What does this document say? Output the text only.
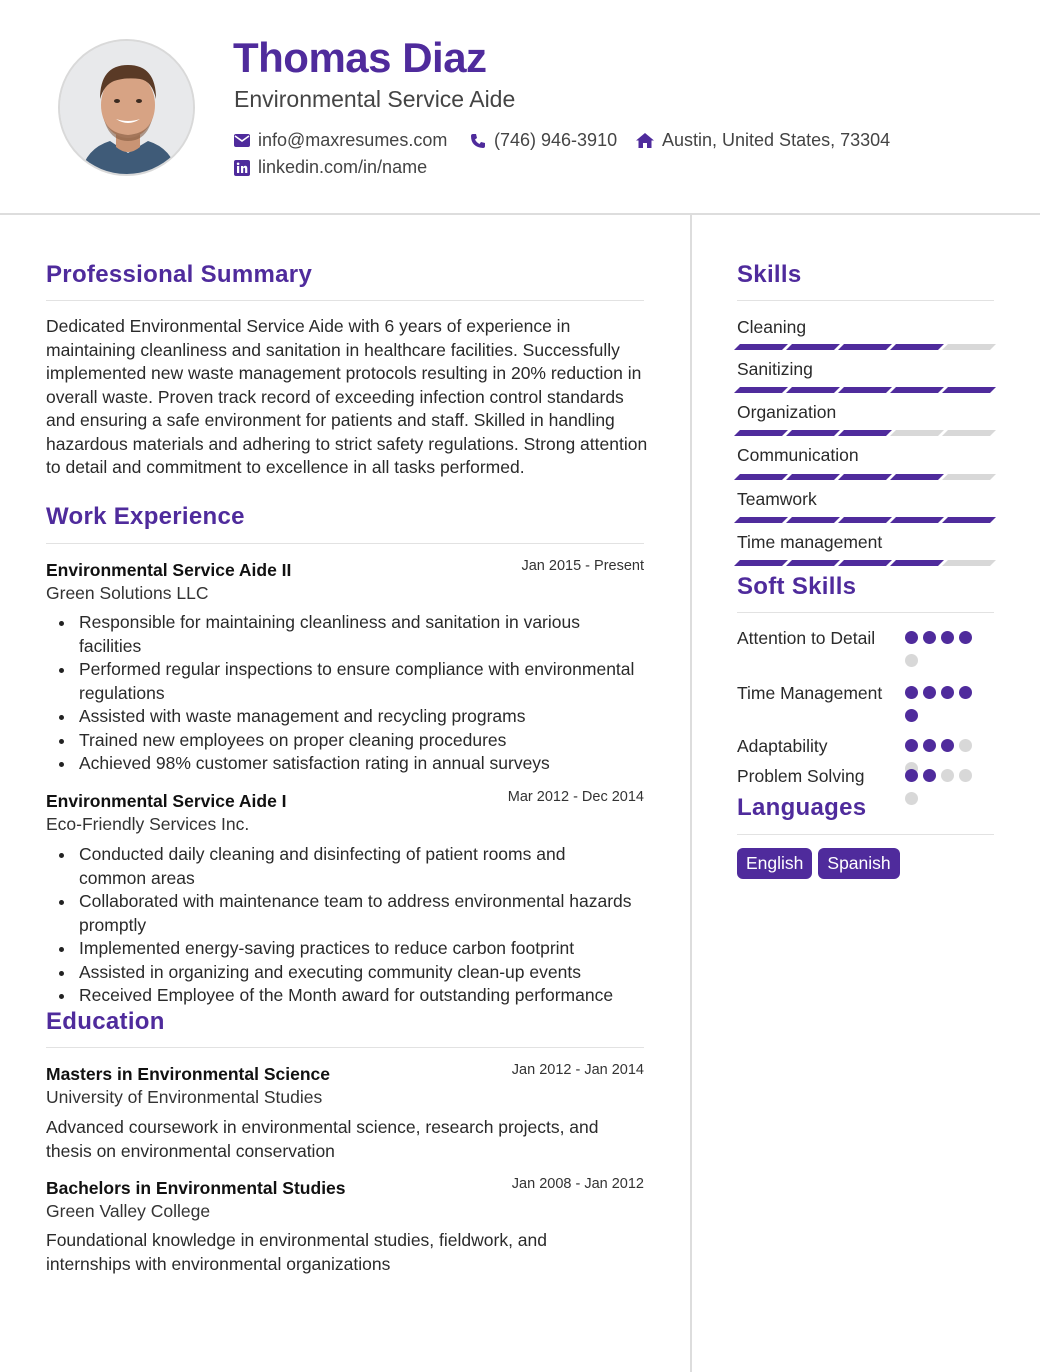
Thomas Diaz
Environmental Service Aide
info@maxresumes.com	(746) 946-3910 Austin, United States, 73304
linkedin.com/in/name
Professional Summary
Dedicated Environmental Service Aide with 6 years of experience in maintaining cleanliness and sanitation in healthcare facilities. Successfully implemented new waste management protocols resulting in 20% reduction in overall waste. Proven track record of exceeding infection control standards and ensuring a safe environment for patients and staff. Skilled in handling hazardous materials and adhering to strict safety regulations. Strong attention to detail and commitment to excellence in all tasks performed.
Work Experience
Environmental Service Aide II	Jan 2015 - Present
Green Solutions LLC
Responsible for maintaining cleanliness and sanitation in various facilities
Performed regular inspections to ensure compliance with environmental regulations
Assisted with waste management and recycling programs
Trained new employees on proper cleaning procedures
Achieved 98% customer satisfaction rating in annual surveys
Environmental Service Aide I	Mar 2012 - Dec 2014
Eco-Friendly Services Inc.
Conducted daily cleaning and disinfecting of patient rooms and common areas
Collaborated with maintenance team to address environmental hazards promptly
Implemented energy-saving practices to reduce carbon footprint
Assisted in organizing and executing community clean-up events
Received Employee of the Month award for outstanding performance
Education
Masters in Environmental Science	Jan 2012 - Jan 2014
University of Environmental Studies
Advanced coursework in environmental science, research projects, and thesis on environmental conservation
Bachelors in Environmental Studies	Jan 2008 - Jan 2012
Green Valley College
Foundational knowledge in environmental studies, fieldwork, and internships with environmental organizations
Skills
Cleaning
Sanitizing
Organization
Communication
Teamwork
Time management
Soft Skills
Attention to Detail
Time Management
Adaptability
Problem Solving
Languages
English	Spanish
